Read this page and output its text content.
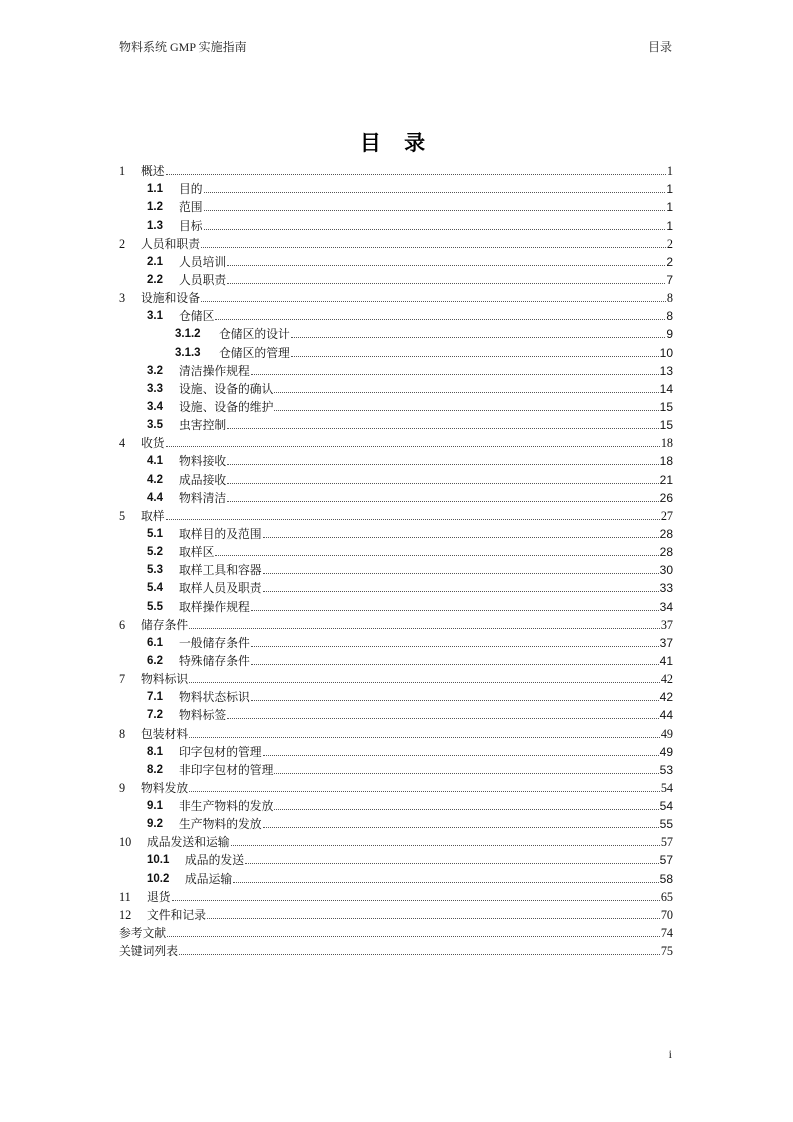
物料系统 GMP 实施指南	目录
目 录
1	概述	1
1.1	目的	1
1.2	范围	1
1.3	目标	1
2	人员和职责	2
2.1	人员培训	2
2.2	人员职责	7
3	设施和设备	8
3.1	仓储区	8
3.1.2	仓储区的设计	9
3.1.3	仓储区的管理	10
3.2	清洁操作规程	13
3.3	设施、设备的确认	14
3.4	设施、设备的维护	15
3.5	虫害控制	15
4	收货	18
4.1	物料接收	18
4.2	成品接收	21
4.4	物料清洁	26
5	取样	27
5.1	取样目的及范围	28
5.2	取样区	28
5.3	取样工具和容器	30
5.4	取样人员及职责	33
5.5	取样操作规程	34
6	储存条件	37
6.1	一般储存条件	37
6.2	特殊储存条件	41
7	物料标识	42
7.1	物料状态标识	42
7.2	物料标签	44
8	包装材料	49
8.1	印字包材的管理	49
8.2	非印字包材的管理	53
9	物料发放	54
9.1	非生产物料的发放	54
9.2	生产物料的发放	55
10	成品发送和运输	57
10.1	成品的发送	57
10.2	成品运输	58
11	退货	65
12	文件和记录	70
参考文献	74
关键词列表	75
i
